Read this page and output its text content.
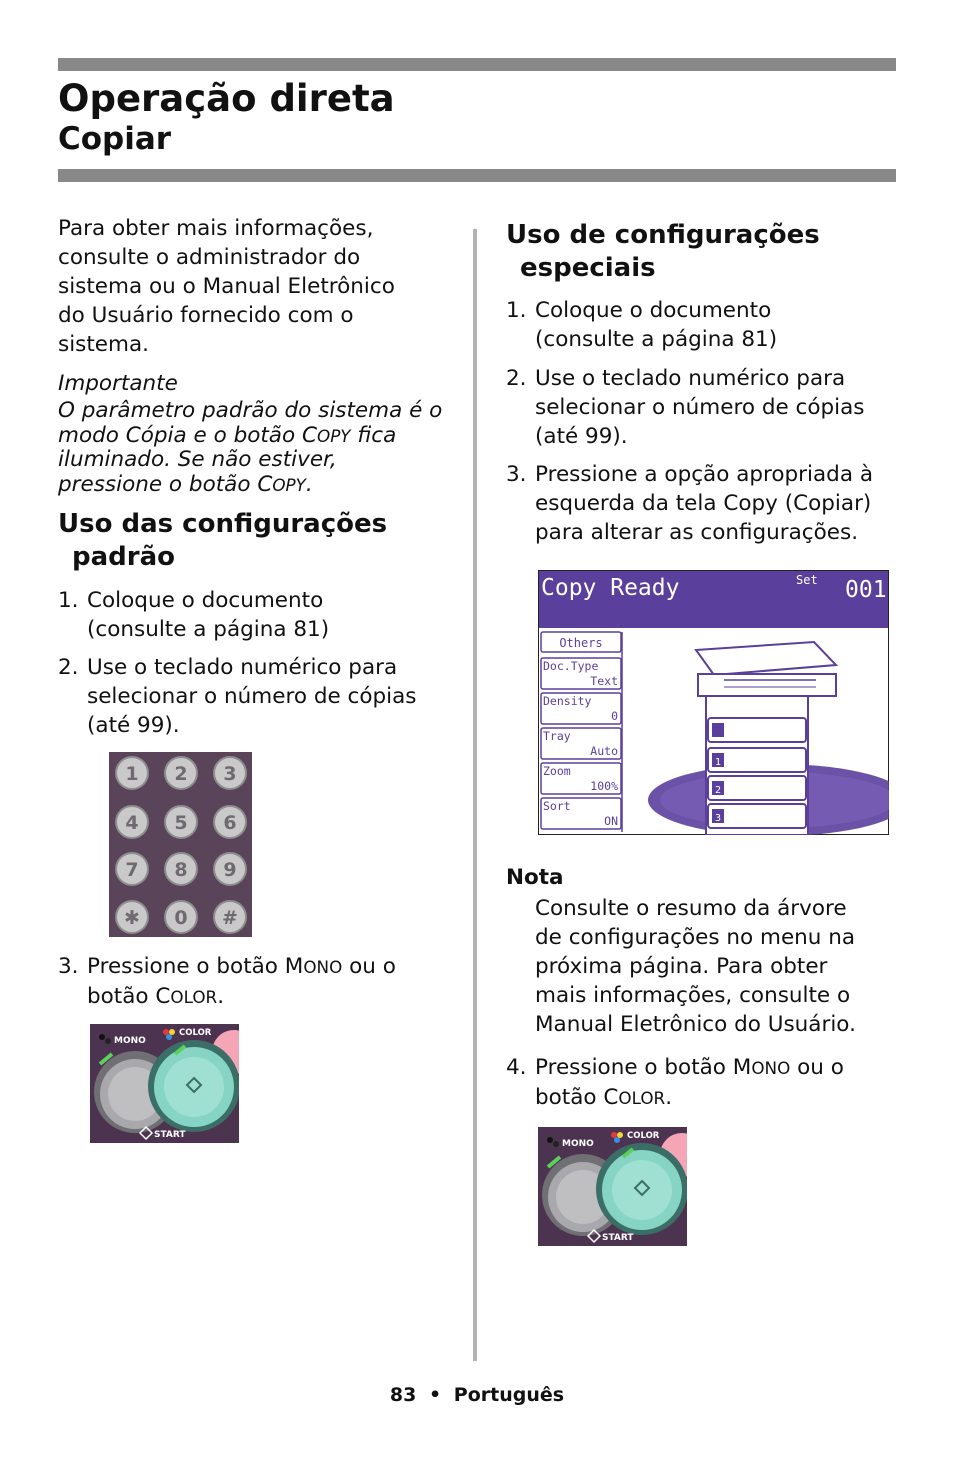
Operação direta
Copiar

Para obter mais informações,

consulte o administrador do

sistema ou o Manual Eletrônico

do Usuário fornecido com o

sistema.

Importante

O parâmetro padrão do sistema é o

modo Cópia e o botão COPY fica

iluminado. Se não estiver,

pressione o botão COPY.

Uso das configurações
padrão
1. Coloque o documento

(consulte a página 81)

2. Use o teclado numérico para

selecionar o número de cópias

(até 99).

1 2 3
4 5 6
7 8 9
✱ 0 #
3. Pressione o botão MONO ou o

botão COLOR.

MONO
COLOR
START
Uso de configurações
especiais
1. Coloque o documento

(consulte a página 81)

2. Use o teclado numérico para

selecionar o número de cópias

(até 99).

3. Pressione a opção apropriada à

esquerda da tela Copy (Copiar)

para alterar as configurações.

Copy Ready	Set 001
Others
Doc.Type
Text
Density
0
Tray
Auto
Zoom
100%
Sort
ON
1
2
3
Nota

Consulte o resumo da árvore

de configurações no menu na

próxima página. Para obter

mais informações, consulte o

Manual Eletrônico do Usuário.

4. Pressione o botão MONO ou o

botão COLOR.

MONO
COLOR
START
83 • Português
